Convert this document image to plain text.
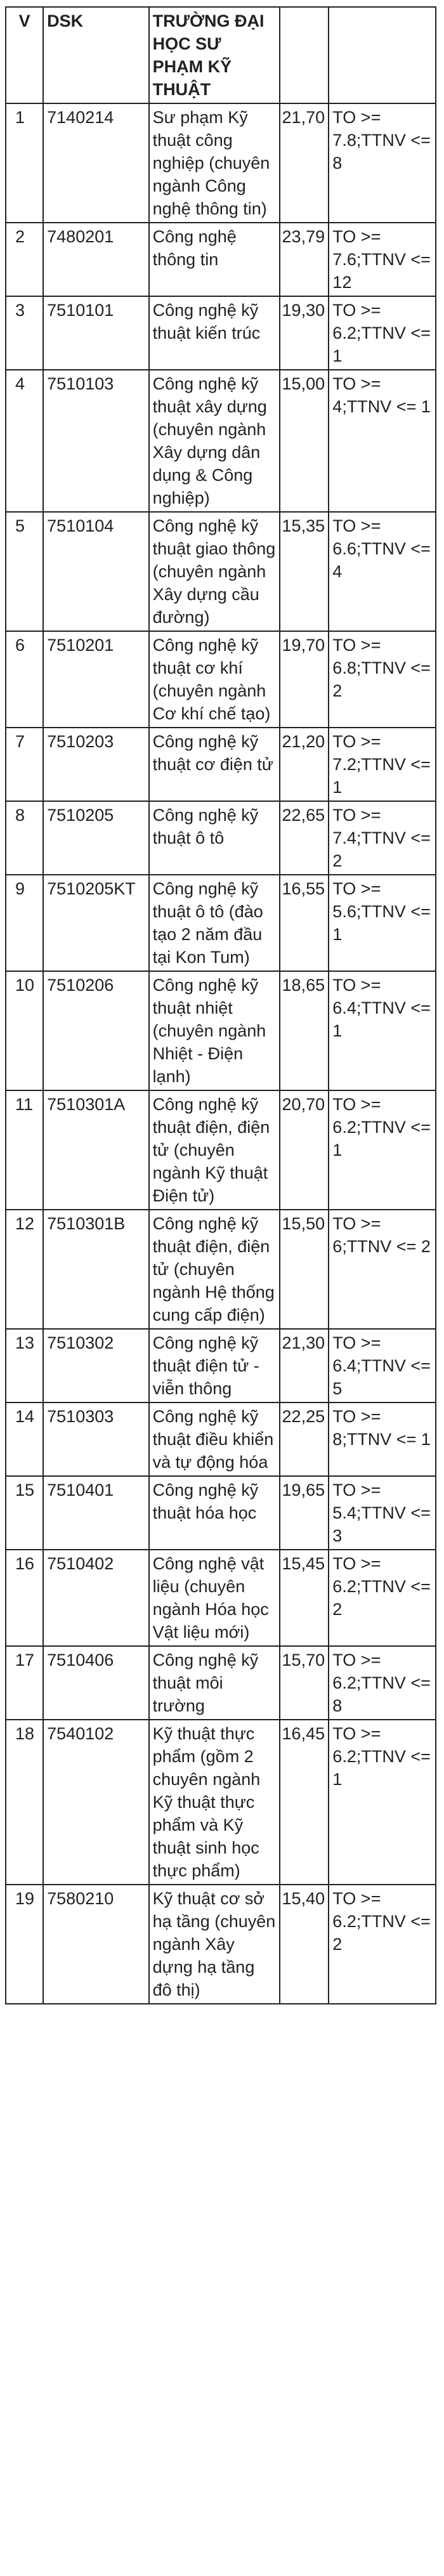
V	DSK	TRƯỜNG ĐẠI HỌC SƯ PHẠM KỸ THUẬT		
1	7140214	Sư phạm Kỹ thuật công nghiệp (chuyên ngành Công nghệ thông tin)	21,70	TO >= 7.8;TTNV <= 8
2	7480201	Công nghệ thông tin	23,79	TO >= 7.6;TTNV <= 12
3	7510101	Công nghệ kỹ thuật kiến trúc	19,30	TO >= 6.2;TTNV <= 1
4	7510103	Công nghệ kỹ thuật xây dựng (chuyên ngành Xây dựng dân dụng & Công nghiệp)	15,00	TO >= 4;TTNV <= 1
5	7510104	Công nghệ kỹ thuật giao thông (chuyên ngành Xây dựng cầu đường)	15,35	TO >= 6.6;TTNV <= 4
6	7510201	Công nghệ kỹ thuật cơ khí (chuyên ngành Cơ khí chế tạo)	19,70	TO >= 6.8;TTNV <= 2
7	7510203	Công nghệ kỹ thuật cơ điện tử	21,20	TO >= 7.2;TTNV <= 1
8	7510205	Công nghệ kỹ thuật ô tô	22,65	TO >= 7.4;TTNV <= 2
9	7510205KT	Công nghệ kỹ thuật ô tô (đào tạo 2 năm đầu tại Kon Tum)	16,55	TO >= 5.6;TTNV <= 1
10	7510206	Công nghệ kỹ thuật nhiệt (chuyên ngành Nhiệt - Điện lạnh)	18,65	TO >= 6.4;TTNV <= 1
11	7510301A	Công nghệ kỹ thuật điện, điện tử (chuyên ngành Kỹ thuật Điện tử)	20,70	TO >= 6.2;TTNV <= 1
12	7510301B	Công nghệ kỹ thuật điện, điện tử (chuyên ngành Hệ thống cung cấp điện)	15,50	TO >= 6;TTNV <= 2
13	7510302	Công nghệ kỹ thuật điện tử - viễn thông	21,30	TO >= 6.4;TTNV <= 5
14	7510303	Công nghệ kỹ thuật điều khiển và tự động hóa	22,25	TO >= 8;TTNV <= 1
15	7510401	Công nghệ kỹ thuật hóa học	19,65	TO >= 5.4;TTNV <= 3
16	7510402	Công nghệ vật liệu (chuyên ngành Hóa học Vật liệu mới)	15,45	TO >= 6.2;TTNV <= 2
17	7510406	Công nghệ kỹ thuật môi trường	15,70	TO >= 6.2;TTNV <= 8
18	7540102	Kỹ thuật thực phẩm (gồm 2 chuyên ngành Kỹ thuật thực phẩm và Kỹ thuật sinh học thực phẩm)	16,45	TO >= 6.2;TTNV <= 1
19	7580210	Kỹ thuật cơ sở hạ tầng (chuyên ngành Xây dựng hạ tầng đô thị)	15,40	TO >= 6.2;TTNV <= 2
